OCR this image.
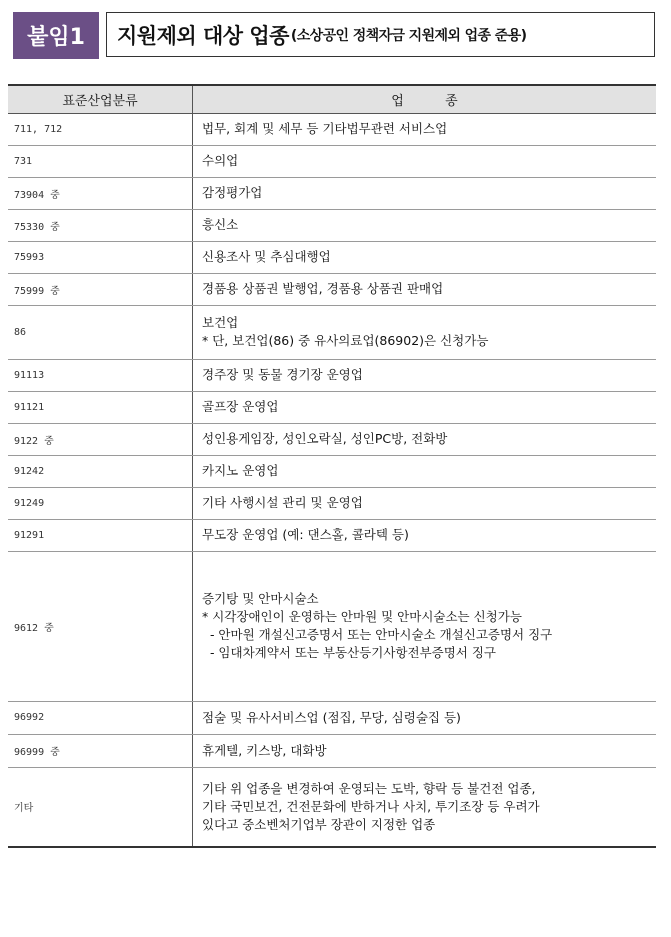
붙임1	지원제외 대상 업종 (소상공인 정책자금 지원제외 업종 준용)
표준산업분류	업          종
711, 712	법무, 회계 및 세무 등 기타법무관련 서비스업

731	수의업

73904 중	감정평가업

75330 중	흥신소

75993	신용조사 및 추심대행업

75999 중	경품용 상품권 발행업, 경품용 상품권 판매업

86	보건업
* 단, 보건업(86) 중 유사의료업(86902)은 신청가능

91113	경주장 및 동물 경기장 운영업

91121	골프장 운영업

9122 중	성인용게임장, 성인오락실, 성인PC방, 전화방

91242	카지노 운영업

91249	기타 사행시설 관리 및 운영업

91291	무도장 운영업 (예: 댄스홀, 콜라텍 등)

9612 중	증기탕 및 안마시술소
* 시각장애인이 운영하는 안마원 및 안마시술소는 신청가능
- 안마원 개설신고증명서 또는 안마시술소 개설신고증명서 징구
- 임대차계약서 또는 부동산등기사항전부증명서 징구

96992	점술 및 유사서비스업 (점집, 무당, 심령술집 등)

96999 중	휴게텔, 키스방, 대화방

기타	기타 위 업종을 변경하여 운영되는 도박, 향락 등 불건전 업종,
기타 국민보건, 건전문화에 반하거나 사치, 투기조장 등 우려가
있다고 중소벤처기업부 장관이 지정한 업종
